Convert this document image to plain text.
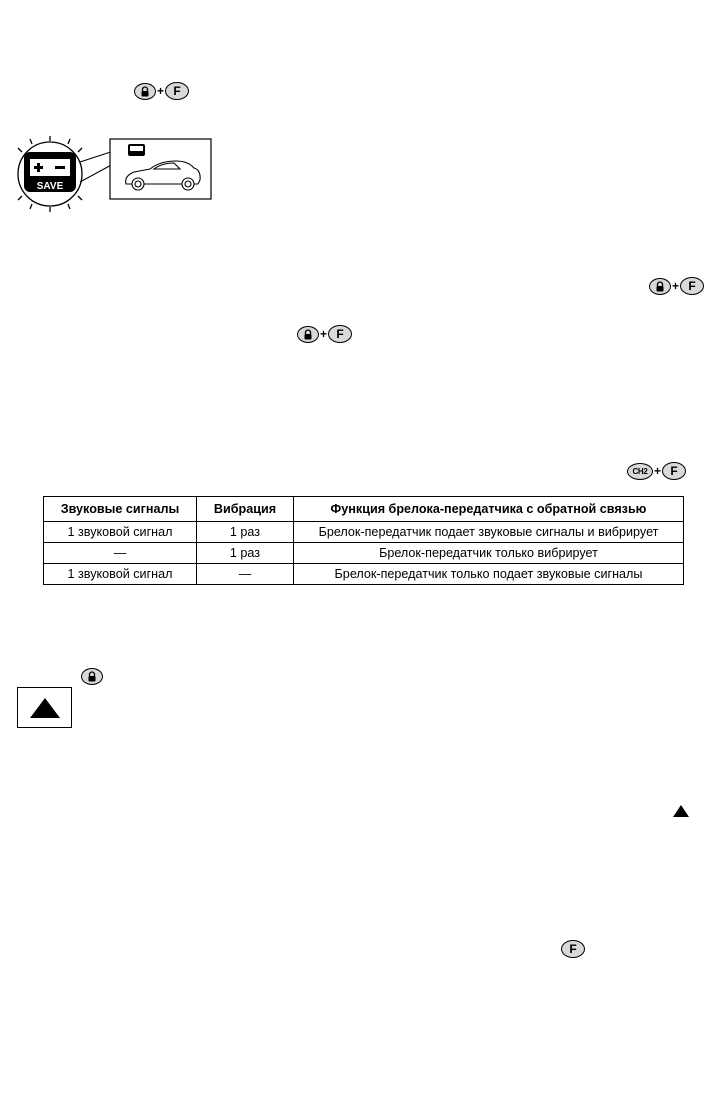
+ F
SAVE
+ F
+ F
CH2 + F
Звуковые сигналы	Вибрация	Функция брелока-передатчика с обратной связью
1 звуковой сигнал	1 раз	Брелок-передатчик подает звуковые сигналы и вибрирует
—	1 раз	Брелок-передатчик только вибрирует
1 звуковой сигнал	—	Брелок-передатчик только подает звуковые сигналы
F
